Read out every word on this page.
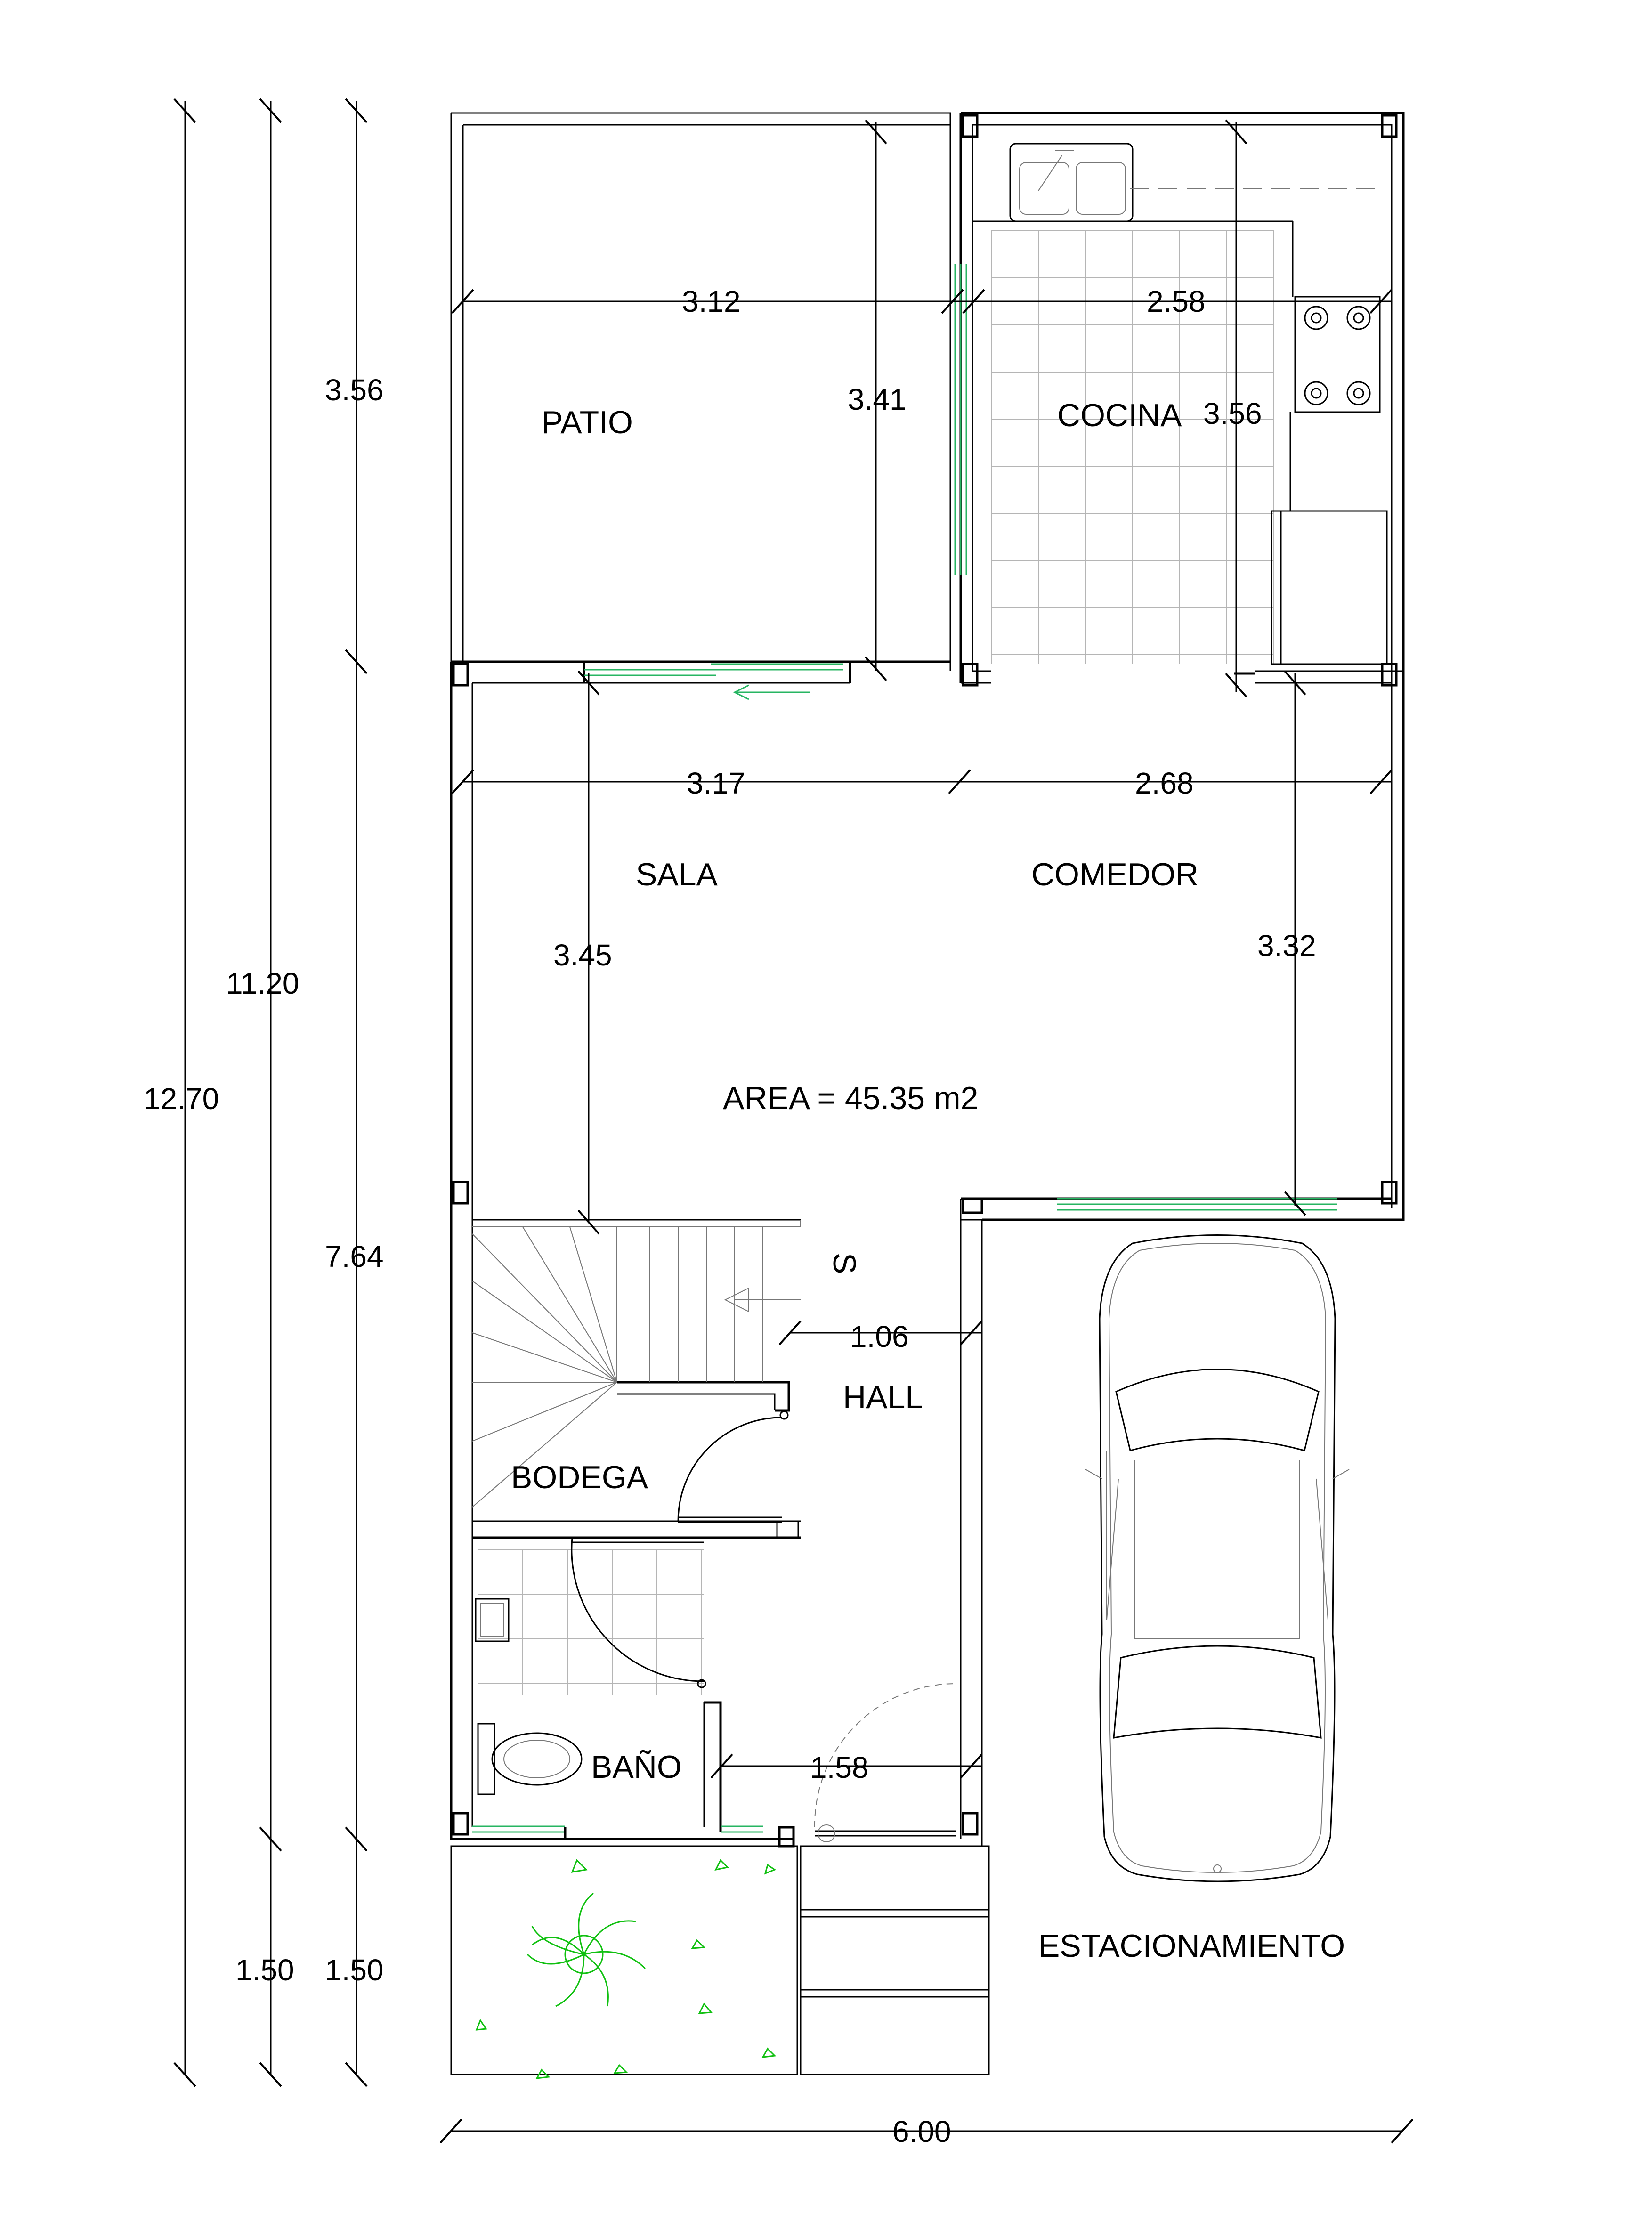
PATIO	COCINA
SALA	COMEDOR
AREA = 45.35 m2
S
HALL
BODEGA
BAÑO
ESTACIONAMIENTO
3.12	2.58
3.41	3.56
3.17	2.68
3.45	3.32
1.06
1.58
6.00
12.70
11.20
3.56
7.64
1.50 1.50
